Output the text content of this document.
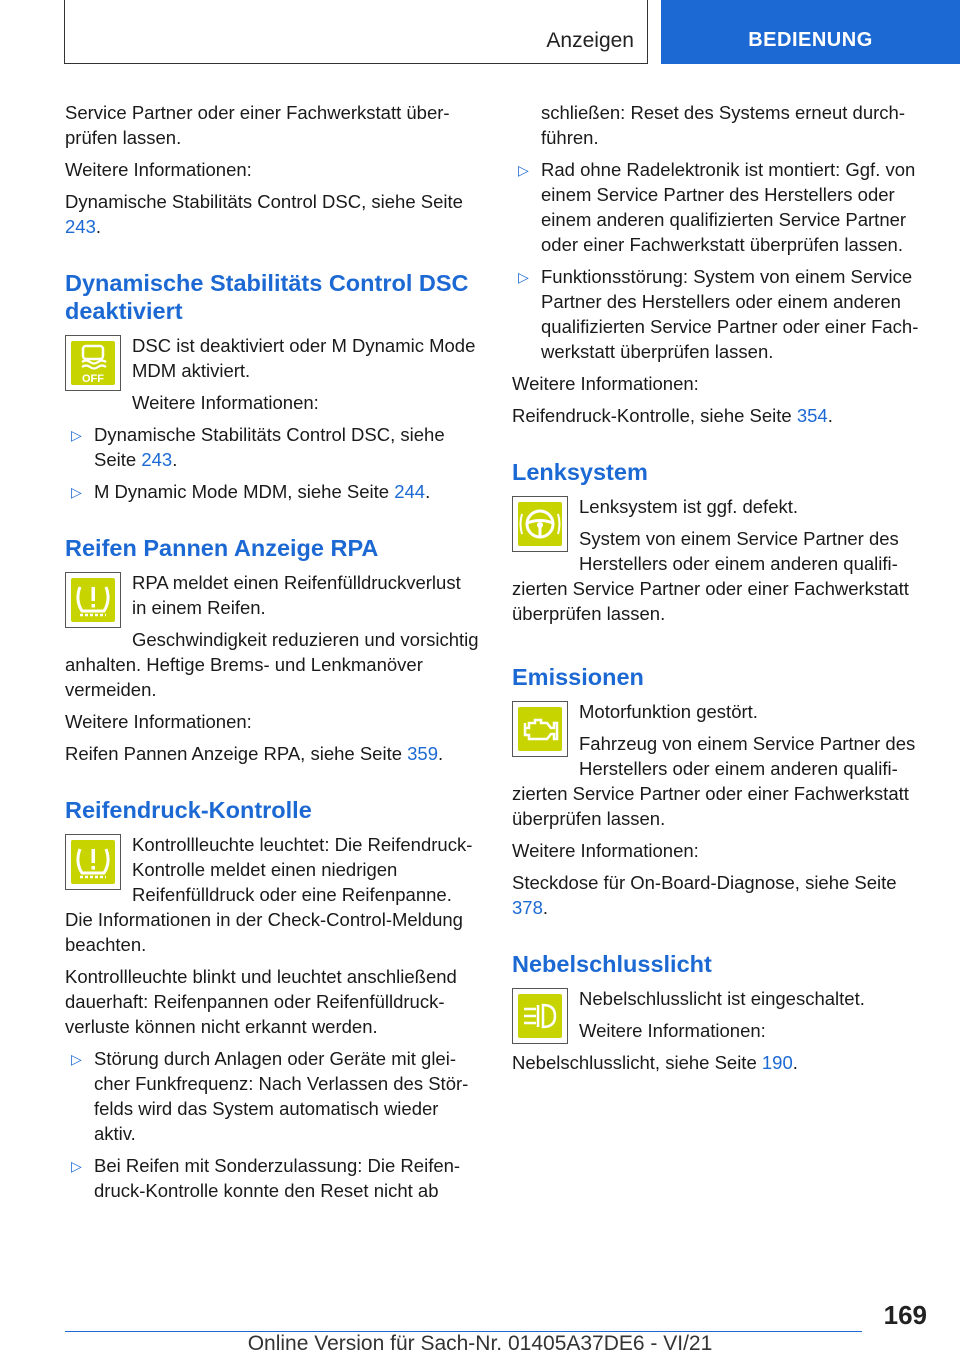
Anzeigen	BEDIENUNG

Service Partner oder einer Fachwerkstatt überprüfen lassen.

Weitere Informationen:

Dynamische Stabilitäts Control DSC, siehe Seite 243.

Dynamische Stabilitäts Control DSC deaktiviert
OFF

DSC ist deaktiviert oder M Dynamic Mode MDM aktiviert.

Weitere Informationen:

▷ Dynamische Stabilitäts Control DSC, siehe Seite 243.
▷ M Dynamic Mode MDM, siehe Seite 244.
Reifen Pannen Anzeige RPA

RPA meldet einen Reifenfülldruckverlust in einem Reifen.

Geschwindigkeit reduzieren und vorsichtig anhalten. Heftige Brems- und Lenkmanöver vermeiden.

Weitere Informationen:

Reifen Pannen Anzeige RPA, siehe Seite 359.

Reifendruck-Kontrolle

Kontrollleuchte leuchtet: Die Reifendruck-Kontrolle meldet einen niedrigen Reifenfülldruck oder eine Reifenpanne. Die Informationen in der Check-Control-Meldung beachten.

Kontrollleuchte blinkt und leuchtet anschließend dauerhaft: Reifenpannen oder Reifenfülldruckverluste können nicht erkannt werden.

▷ Störung durch Anlagen oder Geräte mit gleicher Funkfrequenz: Nach Verlassen des Störfelds wird das System automatisch wieder aktiv.
▷ Bei Reifen mit Sonderzulassung: Die Reifendruck-Kontrolle konnte den Reset nicht ab
schließen: Reset des Systems erneut durchführen.
▷ Rad ohne Radelektronik ist montiert: Ggf. von einem Service Partner des Herstellers oder einem anderen qualifizierten Service Partner oder einer Fachwerkstatt überprüfen lassen.
▷ Funktionsstörung: System von einem Service Partner des Herstellers oder einem anderen qualifizierten Service Partner oder einer Fachwerkstatt überprüfen lassen.

Weitere Informationen:

Reifendruck-Kontrolle, siehe Seite 354.

Lenksystem

Lenksystem ist ggf. defekt.

System von einem Service Partner des Herstellers oder einem anderen qualifizierten Service Partner oder einer Fachwerkstatt überprüfen lassen.

Emissionen

Motorfunktion gestört.

Fahrzeug von einem Service Partner des Herstellers oder einem anderen qualifizierten Service Partner oder einer Fachwerkstatt überprüfen lassen.

Weitere Informationen:

Steckdose für On-Board-Diagnose, siehe Seite 378.

Nebelschlusslicht

Nebelschlusslicht ist eingeschaltet.

Weitere Informationen:

Nebelschlusslicht, siehe Seite 190.

169
Online Version für Sach-Nr. 01405A37DE6 - VI/21
